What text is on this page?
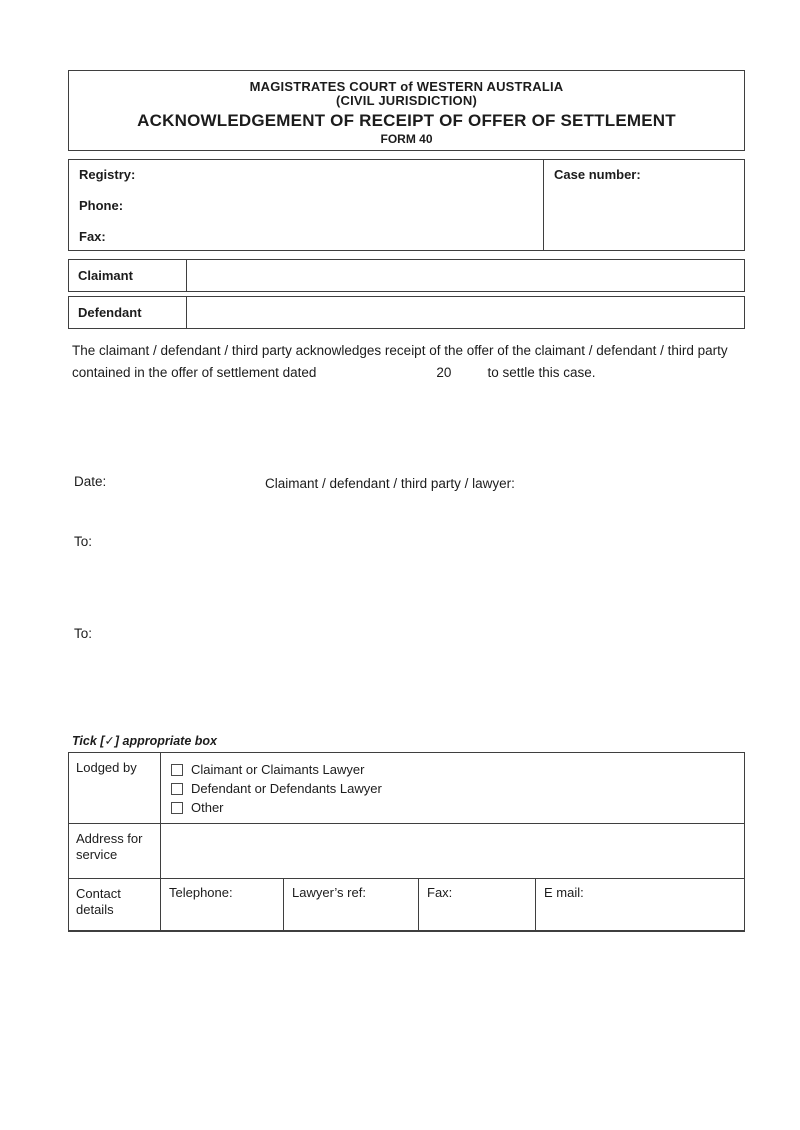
MAGISTRATES COURT of WESTERN AUSTRALIA
(CIVIL JURISDICTION)
ACKNOWLEDGEMENT OF RECEIPT OF OFFER OF SETTLEMENT
FORM 40
Registry:
Phone:
Fax:
Case number:
Claimant
Defendant
The claimant / defendant / third party acknowledges receipt of the offer of the claimant / defendant / third party contained in the offer of settlement dated	20	to settle this case.
Date:	Claimant / defendant / third party / lawyer:
To:
To:
Tick [✓] appropriate box
Lodged by	Claimant or Claimants Lawyer
Defendant or Defendants Lawyer
Other
Address for service
Contact details
Telephone:	Lawyer’s ref:	Fax:	E mail:
